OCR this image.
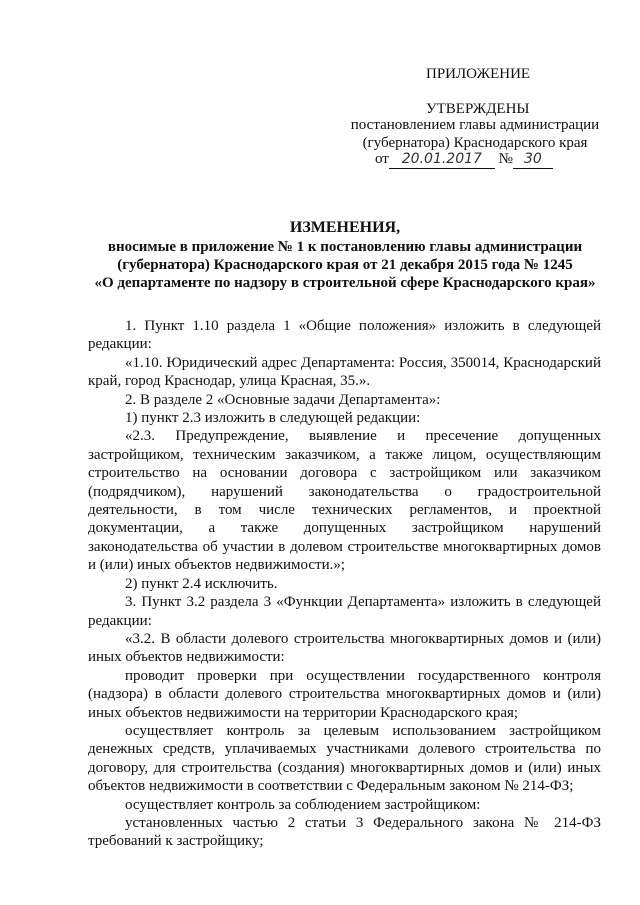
ПРИЛОЖЕНИЕ
УТВЕРЖДЕНЫ
постановлением главы администрации
(губернатора) Краснодарского края
от 20.01.2017 № 30
ИЗМЕНЕНИЯ,
вносимые в приложение № 1 к постановлению главы администрации
(губернатора) Краснодарского края от 21 декабря 2015 года № 1245
«О департаменте по надзору в строительной сфере Краснодарского края»

1. Пункт 1.10 раздела 1 «Общие положения» изложить в следующей редакции:

«1.10. Юридический адрес Департамента: Россия, 350014, Краснодарский край, город Краснодар, улица Красная, 35.».

2. В разделе 2 «Основные задачи Департамента»:

1) пункт 2.3 изложить в следующей редакции:

«2.3. Предупреждение, выявление и пресечение допущенных застройщиком, техническим заказчиком, а также лицом, осуществляющим строительство на основании договора с застройщиком или заказчиком (подрядчиком), нарушений законодательства о градостроительной деятельности, в том числе технических регламентов, и проектной документации, а также допущенных застройщиком нарушений законодательства об участии в долевом строительстве многоквартирных домов и (или) иных объектов недвижимости.»;

2) пункт 2.4 исключить.

3. Пункт 3.2 раздела 3 «Функции Департамента» изложить в следующей редакции:

«3.2. В области долевого строительства многоквартирных домов и (или) иных объектов недвижимости:

проводит проверки при осуществлении государственного контроля (надзора) в области долевого строительства многоквартирных домов и (или) иных объектов недвижимости на территории Краснодарского края;

осуществляет контроль за целевым использованием застройщиком денежных средств, уплачиваемых участниками долевого строительства по договору, для строительства (создания) многоквартирных домов и (или) иных объектов недвижимости в соответствии с Федеральным законом № 214-ФЗ;

осуществляет контроль за соблюдением застройщиком:

установленных частью 2 статьи 3 Федерального закона № 214-ФЗ требований к застройщику;
